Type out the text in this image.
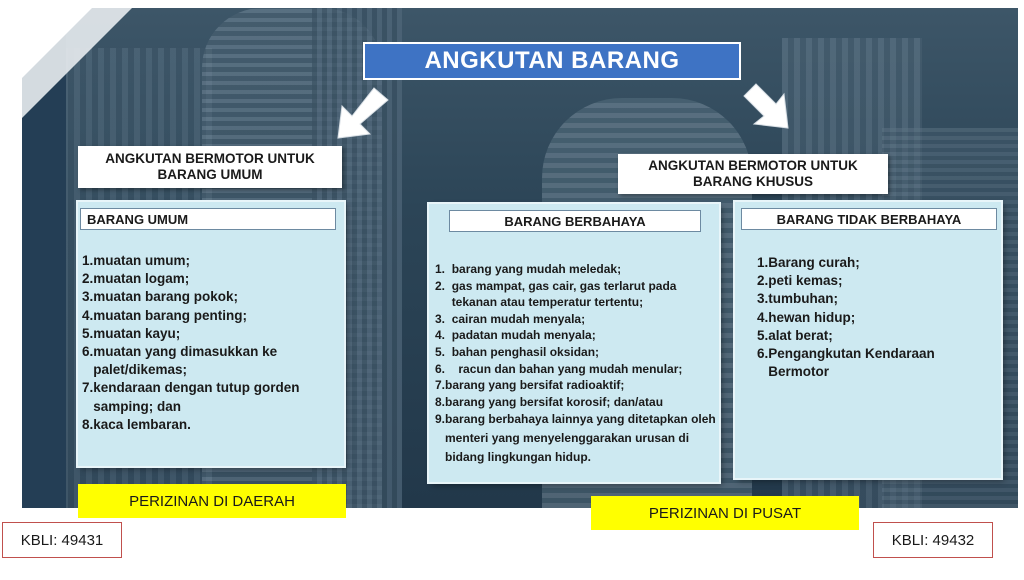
ANGKUTAN BARANG
ANGKUTAN BERMOTOR UNTUK BARANG UMUM
ANGKUTAN BERMOTOR UNTUK BARANG KHUSUS
BARANG UMUM
1. muatan umum;
2. muatan logam;
3. muatan barang pokok;
4. muatan barang penting;
5. muatan kayu;
6. muatan yang dimasukkan ke palet/dikemas;
7. kendaraan dengan tutup gorden samping; dan
8. kaca lembaran.
BARANG BERBAHAYA
1.
barang yang mudah meledak;
2.
gas mampat, gas cair, gas terlarut pada tekanan atau temperatur tertentu;
3.
cairan mudah menyala;
4.
padatan mudah menyala;
5.
bahan penghasil oksidan;
6.
racun dan bahan yang mudah menular;
7. barang yang bersifat radioaktif;
8. barang yang bersifat korosif; dan/atau
9. barang berbahaya lainnya yang ditetapkan oleh menteri yang menyelenggarakan urusan di bidang lingkungan hidup.
BARANG TIDAK BERBAHAYA
1. Barang curah;
2. peti kemas;
3. tumbuhan;
4. hewan hidup;
5. alat berat;
6. Pengangkutan Kendaraan Bermotor
PERIZINAN DI DAERAH
PERIZINAN DI PUSAT
KBLI: 49431	KBLI: 49432
